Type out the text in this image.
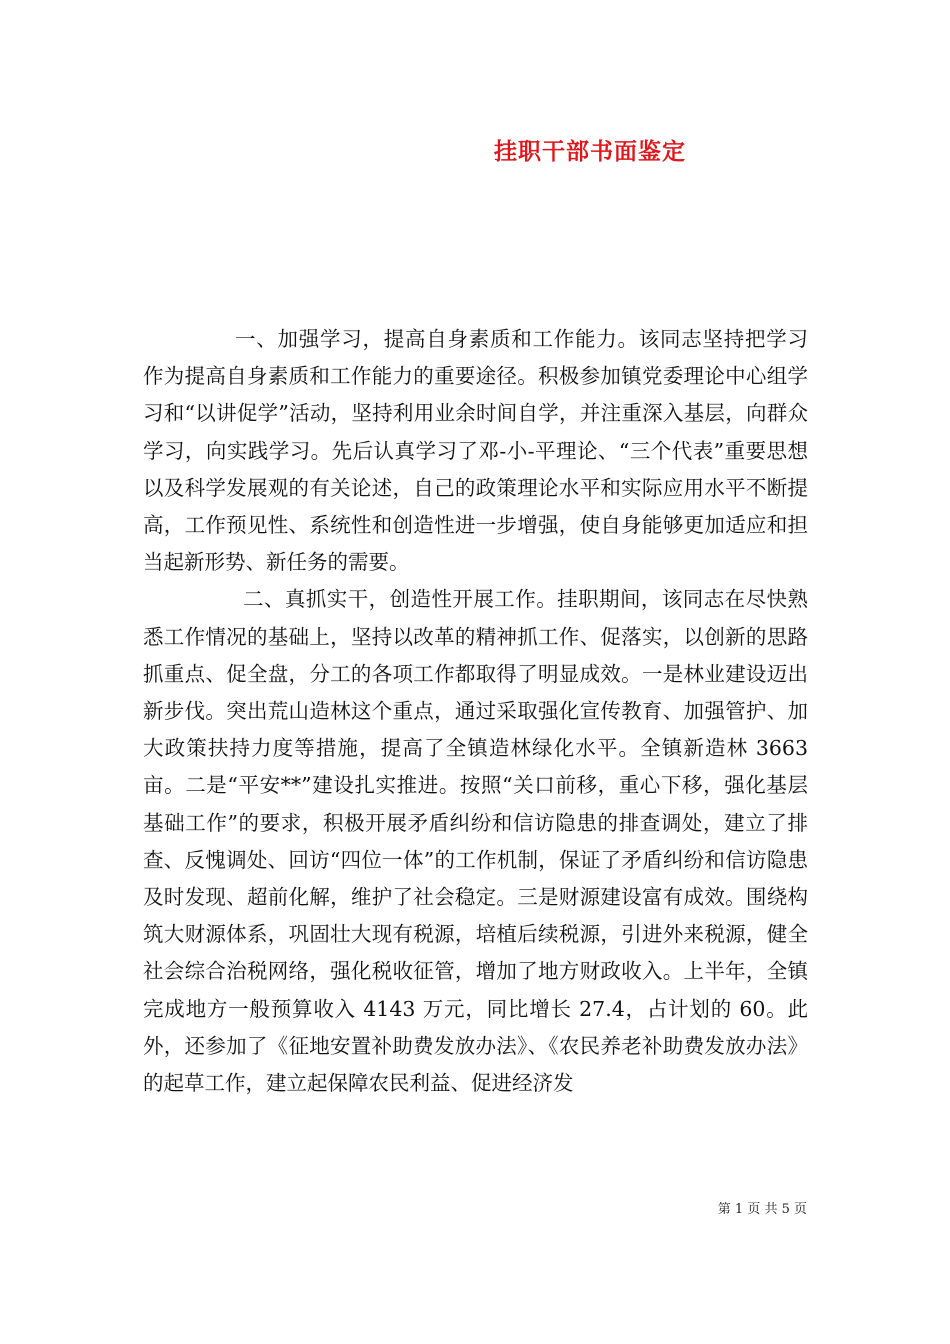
挂职干部书面鉴定

一、加强学习，提高自身素质和工作能力。该同志坚持把学习作为提高自身素质和工作能力的重要途径。积极参加镇党委理论中心组学习和“以讲促学”活动，坚持利用业余时间自学，并注重深入基层，向群众学习，向实践学习。先后认真学习了邓-小-平理论、“三个代表”重要思想以及科学发展观的有关论述，自己的政策理论水平和实际应用水平不断提高，工作预见性、系统性和创造性进一步增强，使自身能够更加适应和担当起新形势、新任务的需要。

二、真抓实干，创造性开展工作。挂职期间，该同志在尽快熟悉工作情况的基础上，坚持以改革的精神抓工作、促落实，以创新的思路抓重点、促全盘，分工的各项工作都取得了明显成效。一是林业建设迈出新步伐。突出荒山造林这个重点，通过采取强化宣传教育、加强管护、加大政策扶持力度等措施，提高了全镇造林绿化水平。全镇新造林 3663 亩。二是“平安**”建设扎实推进。按照“关口前移，重心下移，强化基层基础工作”的要求，积极开展矛盾纠纷和信访隐患的排查调处，建立了排查、反愧调处、回访“四位一体”的工作机制，保证了矛盾纠纷和信访隐患及时发现、超前化解，维护了社会稳定。三是财源建设富有成效。围绕构筑大财源体系，巩固壮大现有税源，培植后续税源，引进外来税源，健全社会综合治税网络，强化税收征管，增加了地方财政收入。上半年，全镇完成地方一般预算收入 4143 万元，同比增长 27.4，占计划的 60。此外，还参加了《征地安置补助费发放办法》、《农民养老补助费发放办法》的起草工作，建立起保障农民利益、促进经济发

第 1 页 共 5 页
